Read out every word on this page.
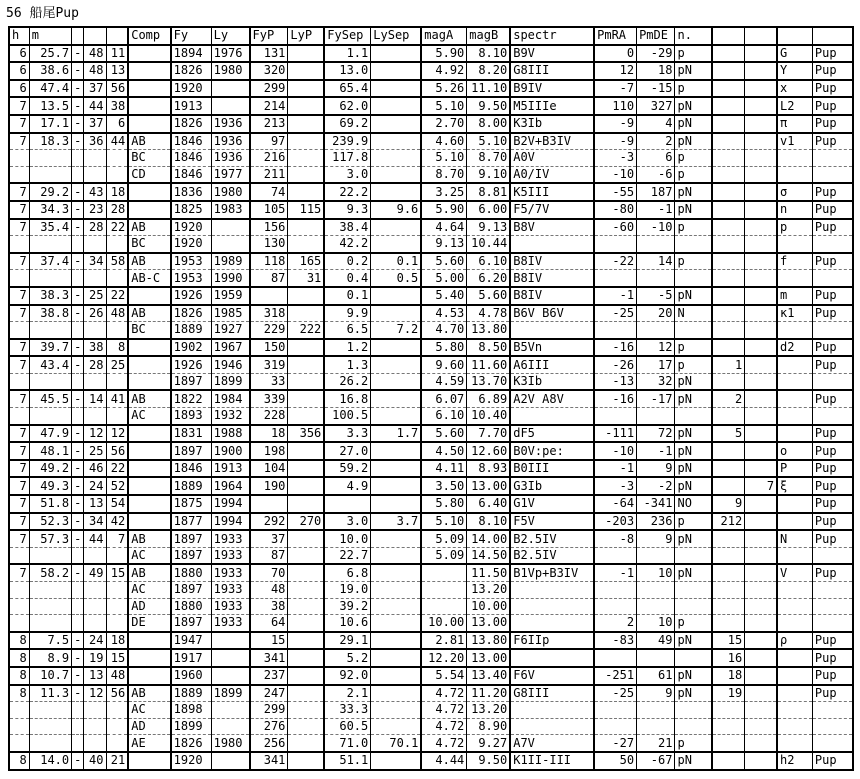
56 船尾Pup
h	m				Comp	Fy	Ly	FyP	LyP	FySep	LySep	magA	magB	spectr	PmRA	PmDE	n.				
6	25.7	-	48	11		1894	1976	131		1.1		5.90	8.10	B9V	0	-29	p			G	Pup
6	38.6	-	48	13		1826	1980	320		13.0		4.92	8.20	G8III	12	18	pN			Y	Pup
6	47.4	-	37	56		1920		299		65.4		5.26	11.10	B9IV	-7	-15	p			x	Pup
7	13.5	-	44	38		1913		214		62.0		5.10	9.50	M5IIIe	110	327	pN			L2	Pup
7	17.1	-	37	6		1826	1936	213		69.2		2.70	8.00	K3Ib	-9	4	pN			π	Pup
7	18.3	-	36	44	AB	1846	1936	97		239.9		4.60	5.10	B2V+B3IV	-9	2	pN			v1	Pup
					BC	1846	1936	216		117.8		5.10	8.70	A0V	-3	6	p				
					CD	1846	1977	211		3.0		8.70	9.10	A0/IV	-10	-6	p				
7	29.2	-	43	18		1836	1980	74		22.2		3.25	8.81	K5III	-55	187	pN			σ	Pup
7	34.3	-	23	28		1825	1983	105	115	9.3	9.6	5.90	6.00	F5/7V	-80	-1	pN			n	Pup
7	35.4	-	28	22	AB	1920		156		38.4		4.64	9.13	B8V	-60	-10	p			p	Pup
					BC	1920		130		42.2		9.13	10.44								
7	37.4	-	34	58	AB	1953	1989	118	165	0.2	0.1	5.60	6.10	B8IV	-22	14	p			f	Pup
					AB-C	1953	1990	87	31	0.4	0.5	5.00	6.20	B8IV							
7	38.3	-	25	22		1926	1959			0.1		5.40	5.60	B8IV	-1	-5	pN			m	Pup
7	38.8	-	26	48	AB	1826	1985	318		9.9		4.53	4.78	B6V B6V	-25	20	N			κ1	Pup
					BC	1889	1927	229	222	6.5	7.2	4.70	13.80								
7	39.7	-	38	8		1902	1967	150		1.2		5.80	8.50	B5Vn	-16	12	p			d2	Pup
7	43.4	-	28	25		1926	1946	319		1.3		9.60	11.60	A6III	-26	17	p	1			Pup
						1897	1899	33		26.2		4.59	13.70	K3Ib	-13	32	pN				
7	45.5	-	14	41	AB	1822	1984	339		16.8		6.07	6.89	A2V A8V	-16	-17	pN	2			Pup
					AC	1893	1932	228		100.5		6.10	10.40								
7	47.9	-	12	12		1831	1988	18	356	3.3	1.7	5.60	7.70	dF5	-111	72	pN	5			Pup
7	48.1	-	25	56		1897	1900	198		27.0		4.50	12.60	B0V:pe:	-10	-1	pN			o	Pup
7	49.2	-	46	22		1846	1913	104		59.2		4.11	8.93	B0III	-1	9	pN			P	Pup
7	49.3	-	24	52		1889	1964	190		4.9		3.50	13.00	G3Ib	-3	-2	pN		7	ξ	Pup
7	51.8	-	13	54		1875	1994					5.80	6.40	G1V	-64	-341	NO	9			Pup
7	52.3	-	34	42		1877	1994	292	270	3.0	3.7	5.10	8.10	F5V	-203	236	p	212			Pup
7	57.3	-	44	7	AB	1897	1933	37		10.0		5.09	14.00	B2.5IV	-8	9	pN			N	Pup
					AC	1897	1933	87		22.7		5.09	14.50	B2.5IV							
7	58.2	-	49	15	AB	1880	1933	70		6.8			11.50	B1Vp+B3IV	-1	10	pN			V	Pup
					AC	1897	1933	48		19.0			13.20								
					AD	1880	1933	38		39.2			10.00								
					DE	1897	1933	64		10.6		10.00	13.00		2	10	p				
8	7.5	-	24	18		1947		15		29.1		2.81	13.80	F6IIp	-83	49	pN	15		ρ	Pup
8	8.9	-	19	15		1917		341		5.2		12.20	13.00					16			Pup
8	10.7	-	13	48		1960		237		92.0		5.54	13.40	F6V	-251	61	pN	18			Pup
8	11.3	-	12	56	AB	1889	1899	247		2.1		4.72	11.20	G8III	-25	9	pN	19			Pup
					AC	1898		299		33.3		4.72	13.20								
					AD	1899		276		60.5		4.72	8.90								
					AE	1826	1980	256		71.0	70.1	4.72	9.27	A7V	-27	21	p				
8	14.0	-	40	21		1920		341		51.1		4.44	9.50	K1II-III	50	-67	pN			h2	Pup
